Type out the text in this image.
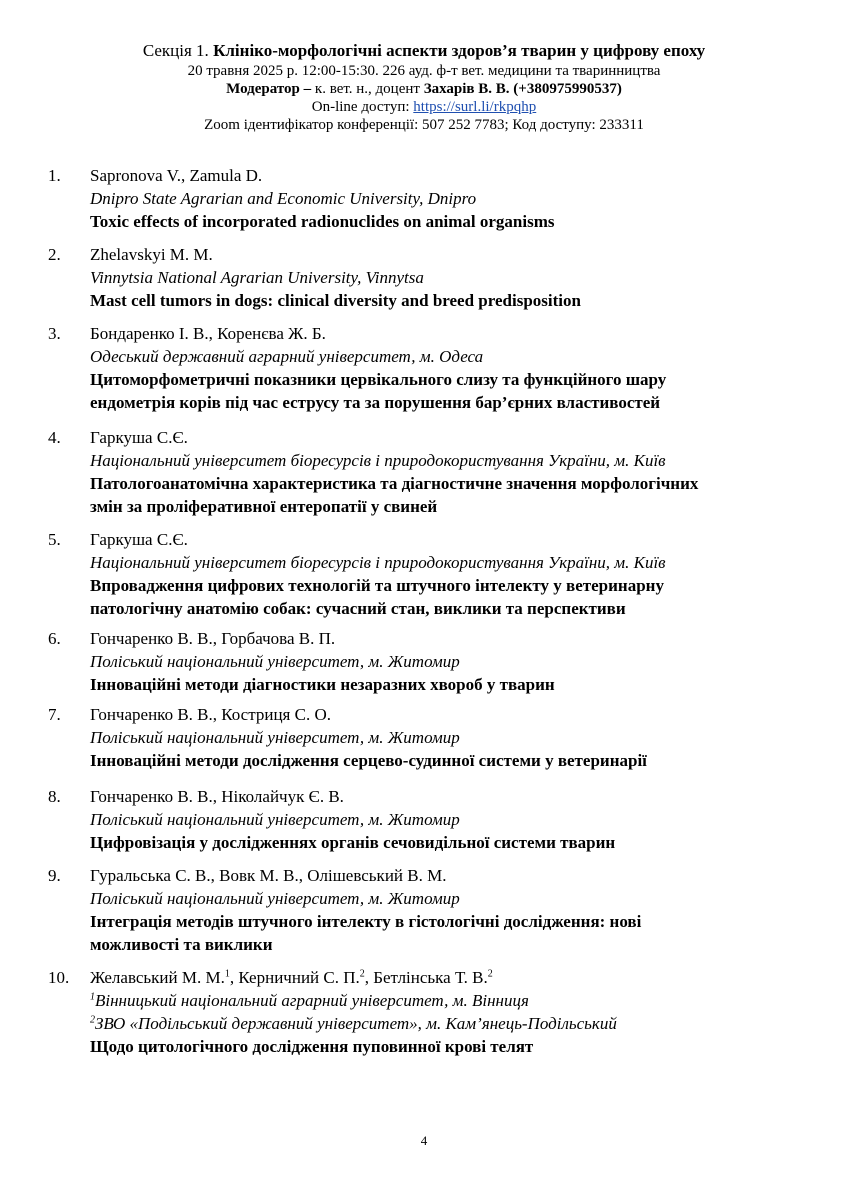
Секція 1. Клініко-морфологічні аспекти здоров’я тварин у цифрову епоху
20 травня 2025 р. 12:00-15:30. 226 ауд. ф-т вет. медицини та тваринництва
Модератор – к. вет. н., доцент Захарів В. В. (+380975990537)
On-line доступ: https://surl.li/rkpqhp
Zoom ідентифікатор конференції: 507 252 7783; Код доступу: 233311
1. Sapronova V., Zamula D.
Dnipro State Agrarian and Economic University, Dnipro
Toxic effects of incorporated radionuclides on animal organisms
2. Zhelavskyi M. M.
Vinnytsia National Agrarian University, Vinnytsa
Mast cell tumors in dogs: clinical diversity and breed predisposition
3. Бондаренко І. В., Коренєва Ж. Б.
Одеський державний аграрний університет, м. Одеса
Цитоморфометричні показники цервікального слизу та функційного шару
ендометрія корів під час еструсу та за порушення бар’єрних властивостей
4. Гаркуша С.Є.
Національний університет біоресурсів і природокористування України, м. Київ
Патологоанатомічна характеристика та діагностичне значення морфологічних
змін за проліферативної ентеропатії у свиней
5. Гаркуша С.Є.
Національний університет біоресурсів і природокористування України, м. Київ
Впровадження цифрових технологій та штучного інтелекту у ветеринарну
патологічну анатомію собак: сучасний стан, виклики та перспективи
6. Гончаренко В. В., Горбачова В. П.
Поліський національний університет, м. Житомир
Інноваційні методи діагностики незаразних хвороб у тварин
7. Гончаренко В. В., Костриця С. О.
Поліський національний університет, м. Житомир
Інноваційні методи дослідження серцево-судинної системи у ветеринарії
8. Гончаренко В. В., Ніколайчук Є. В.
Поліський національний університет, м. Житомир
Цифровізація у дослідженнях органів сечовидільної системи тварин
9. Гуральська С. В., Вовк М. В., Олішевський В. М.
Поліський національний університет, м. Житомир
Інтеграція методів штучного інтелекту в гістологічні дослідження: нові
можливості та виклики
10. Желавський М. М.$^1$, Керничний С. П.$^2$, Бетлінська Т. В.$^2$
$^1$Вінницький національний аграрний університет, м. Вінниця
$^2$ЗВО «Подільський державний університет», м. Кам’янець-Подільський
Щодо цитологічного дослідження пуповинної крові телят
4
